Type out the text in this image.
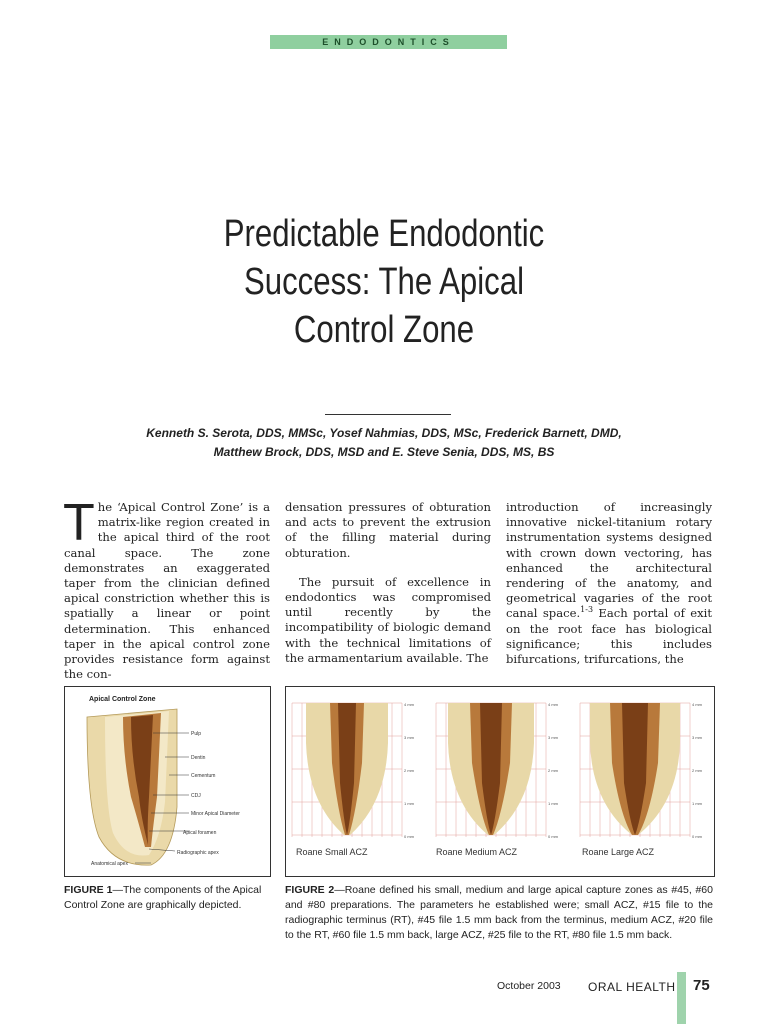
ENDODONTICS
Predictable Endodontic
Success: The Apical
Control Zone
Kenneth S. Serota, DDS, MMSc, Yosef Nahmias, DDS, MSc, Frederick Barnett, DMD,
Matthew Brock, DDS, MSD and E. Steve Senia, DDS, MS, BS

The ‘Apical Control Zone’ is a matrix-like region created in the apical third of the root canal space. The zone demonstrates an exaggerated taper from the clinician defined apical constriction whether this is spatially a linear or point determination. This enhanced taper in the apical control zone provides resistance form against the con-

densation pressures of obturation and acts to prevent the extrusion of the filling material during obturation.

The pursuit of excellence in endodontics was compromised until recently by the incompatibility of biologic demand with the technical limitations of the armamentarium available. The

introduction of increasingly innovative nickel-titanium rotary instrumentation systems designed with crown down vectoring, has enhanced the architectural rendering of the anatomy, and geometrical vagaries of the root canal space.$^{1-3}$ Each portal of exit on the root face has biological significance; this includes bifurcations, trifurcations, the

Apical Control Zone
Pulp
Dentin
Cementum
CDJ
Minor Apical Diameter
Apical foramen
Radiographic apex
Anatomical apex
4 mm
3 mm
2 mm
1 mm
0 mm
Roane Small ACZ
4 mm
3 mm
2 mm
1 mm
0 mm
Roane Medium ACZ
4 mm
3 mm
2 mm
1 mm
0 mm
Roane Large ACZ
FIGURE 1—The components of the Apical Control Zone are graphically depicted.
FIGURE 2—Roane defined his small, medium and large apical capture zones as #45, #60 and #80 preparations. The parameters he established were; small ACZ, #15 file to the radiographic terminus (RT), #45 file 1.5 mm back from the terminus, medium ACZ, #20 file to the RT, #60 file 1.5 mm back, large ACZ, #25 file to the RT, #80 file 1.5 mm back.
October 2003 ORAL HEALTH 75
